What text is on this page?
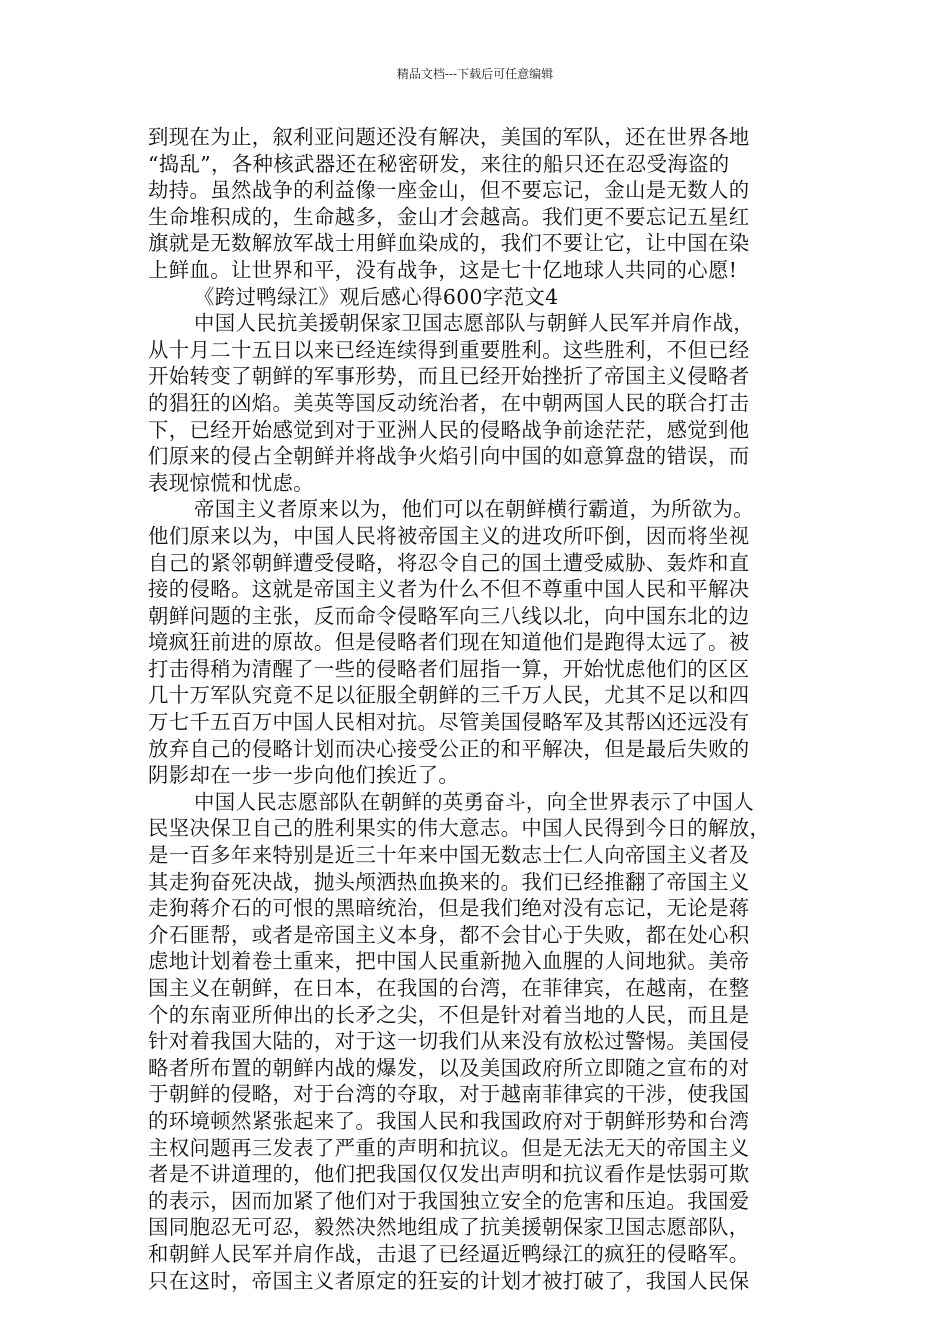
精品文档---下载后可任意编辑
到现在为止，叙利亚问题还没有解决，美国的军队，还在世界各地
“捣乱”，各种核武器还在秘密研发，来往的船只还在忍受海盗的
劫持。虽然战争的利益像一座金山，但不要忘记，金山是无数人的
生命堆积成的，生命越多，金山才会越高。我们更不要忘记五星红
旗就是无数解放军战士用鲜血染成的，我们不要让它，让中国在染
上鲜血。让世界和平，没有战争，这是七十亿地球人共同的心愿!
《跨过鸭绿江》观后感心得600字范文4
中国人民抗美援朝保家卫国志愿部队与朝鲜人民军并肩作战，
从十月二十五日以来已经连续得到重要胜利。这些胜利，不但已经
开始转变了朝鲜的军事形势，而且已经开始挫折了帝国主义侵略者
的猖狂的凶焰。美英等国反动统治者，在中朝两国人民的联合打击
下，已经开始感觉到对于亚洲人民的侵略战争前途茫茫，感觉到他
们原来的侵占全朝鲜并将战争火焰引向中国的如意算盘的错误，而
表现惊慌和忧虑。
帝国主义者原来以为，他们可以在朝鲜横行霸道，为所欲为。
他们原来以为，中国人民将被帝国主义的进攻所吓倒，因而将坐视
自己的紧邻朝鲜遭受侵略，将忍令自己的国土遭受威胁、轰炸和直
接的侵略。这就是帝国主义者为什么不但不尊重中国人民和平解决
朝鲜问题的主张，反而命令侵略军向三八线以北，向中国东北的边
境疯狂前进的原故。但是侵略者们现在知道他们是跑得太远了。被
打击得稍为清醒了一些的侵略者们屈指一算，开始忧虑他们的区区
几十万军队究竟不足以征服全朝鲜的三千万人民，尤其不足以和四
万七千五百万中国人民相对抗。尽管美国侵略军及其帮凶还远没有
放弃自己的侵略计划而决心接受公正的和平解决，但是最后失败的
阴影却在一步一步向他们挨近了。
中国人民志愿部队在朝鲜的英勇奋斗，向全世界表示了中国人
民坚决保卫自己的胜利果实的伟大意志。中国人民得到今日的解放，
是一百多年来特别是近三十年来中国无数志士仁人向帝国主义者及
其走狗奋死决战，抛头颅洒热血换来的。我们已经推翻了帝国主义
走狗蒋介石的可恨的黑暗统治，但是我们绝对没有忘记，无论是蒋
介石匪帮，或者是帝国主义本身，都不会甘心于失败，都在处心积
虑地计划着卷土重来，把中国人民重新抛入血腥的人间地狱。美帝
国主义在朝鲜，在日本，在我国的台湾，在菲律宾，在越南，在整
个的东南亚所伸出的长矛之尖，不但是针对着当地的人民，而且是
针对着我国大陆的，对于这一切我们从来没有放松过警惕。美国侵
略者所布置的朝鲜内战的爆发，以及美国政府所立即随之宣布的对
于朝鲜的侵略，对于台湾的夺取，对于越南菲律宾的干涉，使我国
的环境顿然紧张起来了。我国人民和我国政府对于朝鲜形势和台湾
主权问题再三发表了严重的声明和抗议。但是无法无天的帝国主义
者是不讲道理的，他们把我国仅仅发出声明和抗议看作是怯弱可欺
的表示，因而加紧了他们对于我国独立安全的危害和压迫。我国爱
国同胞忍无可忍，毅然决然地组成了抗美援朝保家卫国志愿部队，
和朝鲜人民军并肩作战，击退了已经逼近鸭绿江的疯狂的侵略军。
只在这时，帝国主义者原定的狂妄的计划才被打破了，我国人民保
